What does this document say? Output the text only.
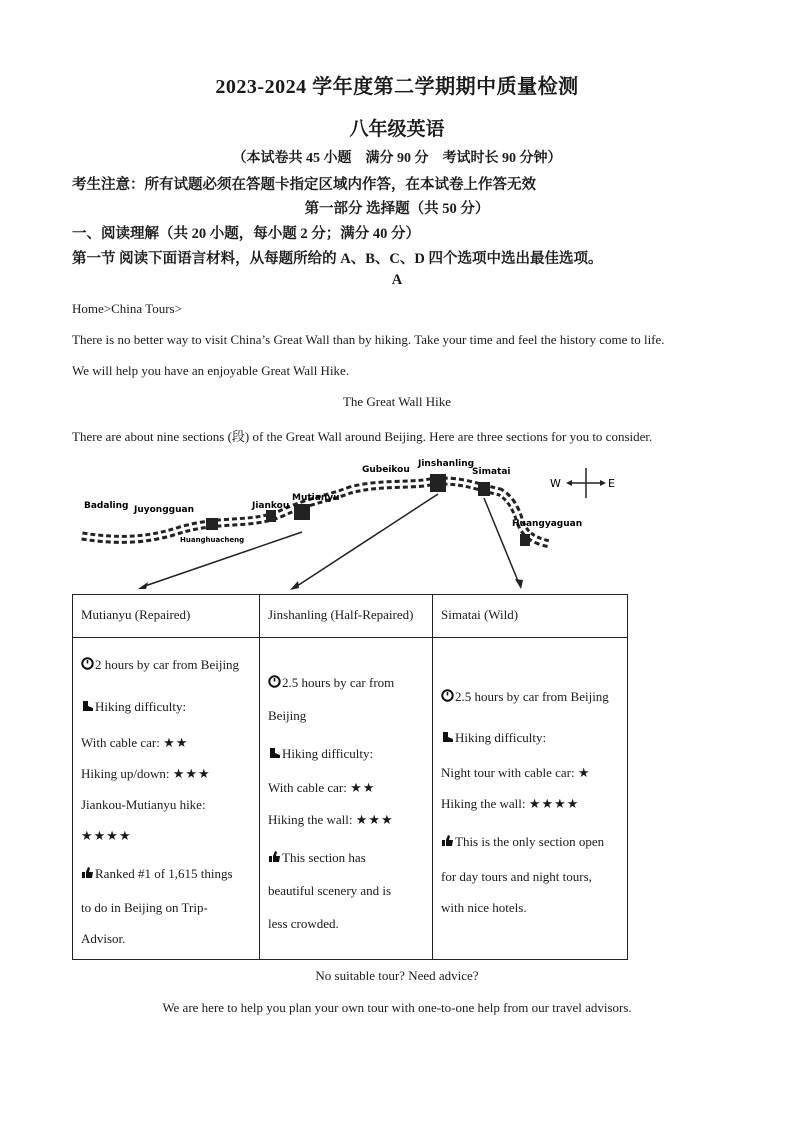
2023-2024 学年度第二学期期中质量检测
八年级英语
（本试卷共 45 小题　满分 90 分　考试时长 90 分钟）
考生注意：所有试题必须在答题卡指定区域内作答，在本试卷上作答无效
第一部分 选择题（共 50 分）
一、阅读理解（共 20 小题，每小题 2 分；满分 40 分）
第一节 阅读下面语言材料，从每题所给的 A、B、C、D 四个选项中选出最佳选项。
A
Home>China Tours>
There is no better way to visit China’s Great Wall than by hiking. Take your time and feel the history come to life.
We will help you have an enjoyable Great Wall Hike.
The Great Wall Hike
There are about nine sections (段) of the Great Wall around Beijing. Here are three sections for you to consider.
Badaling Juyongguan
Huanghuacheng
Jiankou
Mutianyu
Gubeikou
Jinshanling
Simatai
Huangyaguan
W	E
Mutianyu (Repaired)
2 hours by car from Beijing
Hiking difficulty:
With cable car: ★★
Hiking up/down: ★★★
Jiankou-Mutianyu hike:
★★★★
Ranked #1 of 1,615 things
to do in Beijing on Trip-
Advisor.
Jinshanling (Half-Repaired)
2.5 hours by car from
Beijing
Hiking difficulty:
With cable car: ★★
Hiking the wall: ★★★
This section has
beautiful scenery and is
less crowded.
Simatai (Wild)
2.5 hours by car from Beijing
Hiking difficulty:
Night tour with cable car: ★
Hiking the wall: ★★★★
This is the only section open
for day tours and night tours,
with nice hotels.
No suitable tour? Need advice?
We are here to help you plan your own tour with one-to-one help from our travel advisors.
